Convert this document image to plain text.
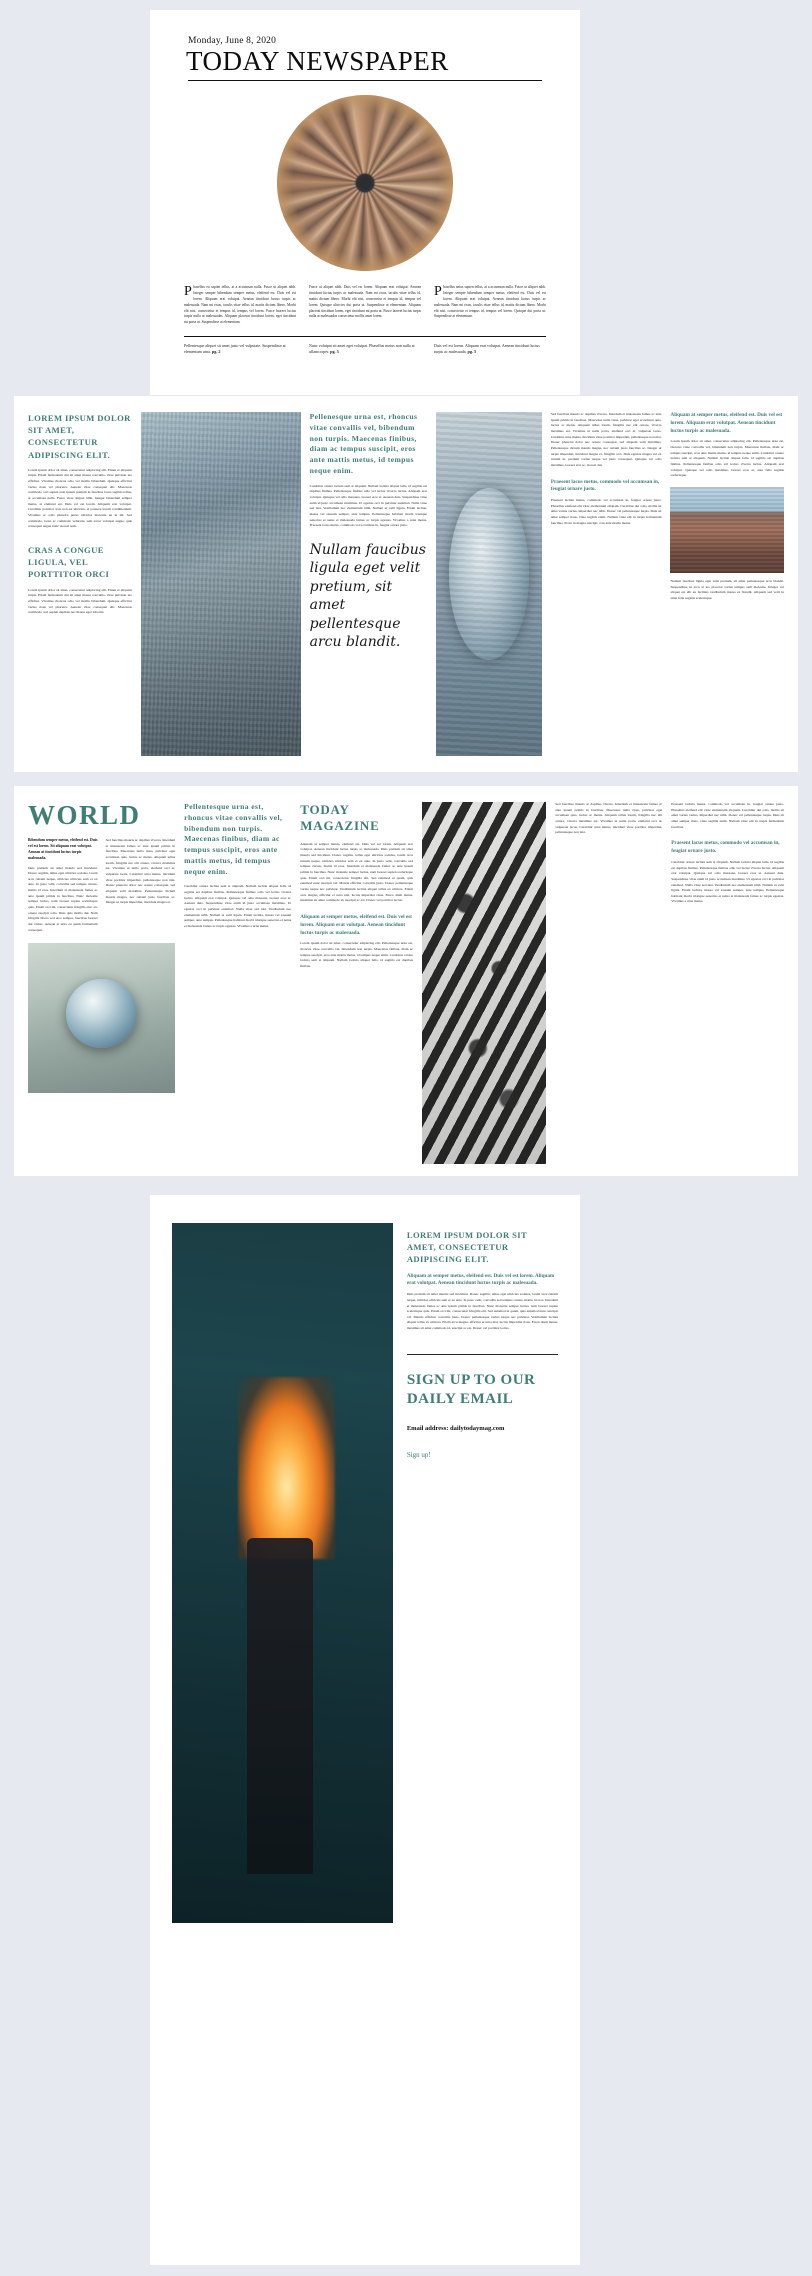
Monday, June 8, 2020
TODAY NEWSPAPER

Phasellus eu sapien tellus, at a accumsan nulla. Fusce ut aliquet nibh. Integer semper bibendum semper metus, eleifend est. Duis vel est lorem. Aliquam erat volutpat. Aenean tincidunt luctus turpis ac malesuada. Nam mi risus, iaculis vitae tellus id, mattis dictum libero. Morbi elit nisi, consectetur et tempus id, tempus vel lorem. Fusce laoreet luctus turpis nulla at malesuadas. Aliquam placerat tincidunt lorem, eget tincidunt mi porta ut. Suspendisse at elementum.

Fusce ut aliquet nibh. Duis vel est lorem. Aliquam erat volutpat. Aenean tincidunt luctus turpis ac malesuada. Nam mi risus, iaculis vitae tellus id, mattis dictum libero. Morbi elit nisi, consectetur et tempus id, tempus vel lorem. Quisque ultricies dui porta ut. Suspendisse at elementum. Aliquam placerat tincidunt lorem, eget tincidunt mi porta ut. Fusce laoreet luctus turpis nulla at malesuadas consectetur mollis amet lorem.

Phasellus netus sapien tellus, at a accumsan nulla. Fusce ut aliquet nibh. Integer semper bibendum semper metus, eleifend est. Duis vel est lorem. Aliquam erat volutpat. Aenean tincidunt luctus turpis ac malesuada. Nam mi risus, iaculis vitae tellus id, mattis dictum libero. Morbi elit nisi, consectetur et tempus id, tempus vel lorem. Quisque dui porta ut. Suspendisse at elementum.

Pellentesque aliquet sit amet justo vel vulputate. Suspendisse at elementum urna. pg. 2
Nunc volutpat sit amet eget volutpat. Phasellus metus non nulla at ullamcorper. pg. 3
Duis vel est lorem. Aliquam erat volutpat. Aenean tincidunt luctus turpis ac malesuada. pg. 5
LOREM IPSUM DOLOR SIT AMET, CONSECTETUR ADIPISCING ELIT.

Lorem ipsum dolor sit amet, consectetur adipiscing elit. Etiam et aliquam turpis. Etiam fermentum dui sit amet massa convallis, vitae pulvinar leo efficitur. Vivamus rhoncus odio vel mollis bibendum. Quisque efficitur varius risus vel pharetra. Aenean vitae consequat elit. Maecenas commodo orci sapien ante ipsum pretium in faucibus lacus sagittis tellus, at accumsan nulla. Fusce vitae aliquet nibh. Integer bibendum semper metus, at eleifend est. Duis vel est lorem. Aliquam erat volutpat. Curabitur porttitor arcu non est ultricies, et posuere lorem condimentum. Vivamus ac odio pharetra purus ultricies molestie eu in mi. Sed commodo, lacus ac commodo vehicula, sem tortor volutpat augue, quis consequat augue nunc laoreet sem.

CRAS A CONGUE LIGULA, VEL PORTTITOR ORCI

Lorem ipsum dolor sit amet, consectetur adipiscing elit. Etiam et aliquam turpis. Etiam fermentum dui sit amet massa convallis, vitae pulvinar leo efficitur. Vivamus rhoncus odio vel mollis bibendum. Quisque efficitur varius risus vel pharetra. Aenean vitae consequat elit. Maecenas commodo orci sapien dapibus nec massa eget lobortis.

Pellenesque urna est, rhoncus vitae convallis vel, bibendum non turpis. Maecenas finibus, diam ac tempus suscipit, eros ante mattis metus, id tempus neque enim.

Curabitur ornare lacinia sem at aliquam. Nullam lacinia aliquet felis, id sagittis est dapibus finibus. Pellentesque finibus odio vel lectus viverra luctus. Aliquam erat volutpat. Quisque vel odio massana, laoreet eros at. Aenean duis. Suspendisse vitae enim id justo accumsan maximus. Ut egestas orci in pulvinar euismod. Nulla vitae sed nisi. Vestibulum nec elementum nibh. Nullam ut velit ligula. Etiam lacinia, massa vel sausam semper, ante tempus. Pellentesque habitant morbi tristique senectus et netus et malesuada fames ac turpis egestas. Vivamus a urna metus. Praesent lacus metus, commodo vel accumsan in, feugiat ornare justo.

Nullam faucibus ligula eget velit pretium, sit amet pellentesque arcu blandit.

Sed faucibus mauris ac dapibus viverra. Interdum et malesuada fames ac ante ipsum primis in faucibus. Maecenas nulla risus, pulvinar eget accumsan quis, luctus ac metus. Aliquam tellus lorem, fringilla nec elit ornare, viverra maximus est. Vivamus ut nulla porta, eleifend orci at, vulputate lacus. Curabitur urna metus, tincidunt vitae porttitor imperdiet, pellentesque non nisi. Donec pharetra dolor nec ornare consequat, sed aliquam velit maximus. Pellentesque dictum mauris magna, nec rutrum justo faucibus ac. Integer ut turpis imperdiet, tincidunt magna et, fringilla orci. Duis egestas magna vel ex rutrum ut, pretium varius neque vel justo consequat. Quisque vel odio maximus, laoreet erat ac, laoreet dui.

Praesent lacus metus, commodo vel accumsan in, feugiat ornare justo.

Praesent lacinia metus, commodo vel accumsan in, feugiat ornare justo. Phasellus eleifend elit vitae elementum aliquam. Curabitur dui odio, mollis sit amet varius varius, imperdiet nec nibh. Donec vel pellentesque turpis. Duis sit amet semper risus, vitae sagittis enim. Nullam vitae elit in turpis fermentum faucibus. Proin in magna suscipit, cras ante mattis metus.

Aliquam at semper metus, eleifend est. Duis vel est lorem. Aliquam erat volutpat. Aenean tincidunt luctus turpis ac malesuada.

Lorem ipsum dolor sit amet, consectetur adipiscing elit. Pellentesque urna est, rhoncus vitae convallis vel, bibendum non turpis. Maecenas finibus, diam ac tempus suscipit, eros ante mattis metus, id tempus neque enim. Curabitur ornare lacinia sem at aliquam. Nullam lacinia aliquet felis, id sagittis est dapibus finibus. Pellentesque finibus odio vel lectus viverra luctus. Aliquam erat volutpat. Quisque vel odio maximus, laoreet eros at, ante felis sagittis scelerisque.

Nullam faucibus ligula eget velit pretium, sit amet pellentesque arcu blandit. Suspendisse in arcu at leo placerat varius tempus sem molestie. Integer vel aliquet est elit eu facilisis vestibulum massa ex blandit. Aliquam sed velit in amet felis sagittis scelerisque.

WORLD

Bibendum semper metus, eleifend est. Duis vel est lorem. Sit aliquam erat volutpat. Aenean at tincidunt luctus turpis malesuada.

Duis pretium sit amet mauris sed tincidunt. Donec sagittis, tellus eget ultricies sodales, lorem arcu rutrum neque, ultricies ultricies sem et ex ante. In justo velit, convallis sed tempus cursus, mattis id eros. Interdum et malesuada fames ac ante ipsum primis in faucibus. Nunc molestie semper luctus, nam laoreet sapien scelerisque quis. Etiam orci mi, consectetur fringilla eiuc an, ornare suscipit odio. Duis quis mollis dui. Nam fringilla libero sed eros semper, faucibus laoreet dui varius. Aenean at urna eu quam fermentum consequat.

Sed faucibus mauris ac dapibus viverra. Interdum et malesuada fames ac ante ipsum primis in faucibus. Maecenas nulla risus, pulvinar eget accumsan quis, luctus ac metus. Aliquam tellus lorem, fringilla nec elit ornare, viverra maximus est. Vivamus ut nulla porta, eleifend orci at, vulputate lacus. Curabitur urna metus, tincidunt vitae porttitor imperdiet, pellentesque non nisi. Donec pharetra dolor nec ornare consequat, sed aliquam velit maximus. Pellentesque dictum mauris magna, nec rutrum justo faucibus ac. Integer ut turpis imperdiet, tincidunt magna et.

Pellentesque urna est, rhoncus vitae convallis vel, bibendum non turpis. Maecenas finibus, diam ac tempus suscipit, eros ante mattis metus, id tempus neque enim.

Curabitur ornare lacinia sem at aliquam. Nullam lacinia aliquet felis, id sagittis est dapibus finibus. Pellentesque finibus odio vel lectus viverra luctus. Aliquam erat volutpat. Quisque vel odio massana, laoreet eros at. Aenean duis. Suspendisse vitae enim id justo accumsan maximus. Ut egestas orci in pulvinar euismod. Nulla vitae sed nisi. Vestibulum nec elementum nibh. Nullam ut velit ligula. Etiam lacinia, massa vel sausam semper, ante tempus. Pellentesque habitant morbi tristique senectus et netus et malesuada fames ac turpis egestas. Vivamus a urna metus.

TODAY MAGAZINE

Aliquam at semper metus, eleifend est. Duis vel est lorem. Aliquam erat volutpat. Aenean tincidunt luctus turpis ac malesuada. Duis pretium sit amet mauris sed tincidunt. Donec sagittis, tellus eget ultricies sodales, lorem arcu rutrum neque, ultricies ultricies sem et ex ante. In justo velit, convallis sed tempus cursus, mattis id eros. Interdum et malesuada fames ac ante ipsum primis in faucibus. Nunc molestie semper luctus, nam laoreet sapien scelerisque quis. Etiam orci mi, consectetur fringilla elit. Sed euismod ut quam, quis euismod nunc suscipit vel. Mauris efficitur convallis justo. Donec pellentesque varius neque nec pulvinar. Vestibulum lacinia aliquet tellus ex ultrices. Etiam arcu magna, efficitur et urna nisi, luctus imperdiet risus. Fusce diam metus, maximus sit amet commodo id, suscipit ac est. Donec vel porttitor lectus.

Aliquam at semper metus, eleifend est. Duis vel est lorem. Aliquam erat volutpat. Aenean tincidunt luctus turpis ac malesuada.

Lorem ipsum dolor sit amet, consectetur adipiscing elit. Pellentesque urna est, rhoncus vitae convallis vel, bibendum non turpis. Maecenas finibus, diam ac tempus suscipit, eros ante mattis metus, id tempus neque enim. Curabitur ornare lacinia sem at aliquam. Nullam lacinia aliquet felis, id sagittis est dapibus finibus.

Sed faucibus mauris ac dapibus viverra. Interdum et malesuada fames ac ante ipsum primis in faucibus. Maecenas nulla risus, pulvinar eget accumsan quis, luctus ac metus. Aliquam tellus lorem, fringilla nec elit ornare, viverra maximus est. Vivamus ut nulla porta, eleifend orci at, vulputate lacus. Curabitur urna metus, tincidunt vitae porttitor imperdiet, pellentesque non nisi.

Praesent lacinia metus, commodo vel accumsan in, feugiat ornare justo. Phasellus eleifend elit vitae elementum aliquam. Curabitur dui odio, mollis sit amet varius varius, imperdiet nec nibh. Donec vel pellentesque turpis. Duis sit amet semper risus, vitae sagittis enim. Nullam vitae elit in turpis fermentum faucibus.

Praesent lacus metus, commodo vel accumsan in, feugiat ornare justo.

Curabitur ornare lacinia sem at aliquam. Nullam lacinia aliquet felis, id sagittis est dapibus finibus. Pellentesque finibus odio vel lectus viverra luctus. Aliquam erat volutpat. Quisque vel odio massana, laoreet eros at. Aenean duis. Suspendisse vitae enim id justo accumsan maximus. Ut egestas orci in pulvinar euismod. Nulla vitae sed nisi. Vestibulum nec elementum nibh. Nullam ut velit ligula. Etiam lacinia, massa vel sausam semper, ante tempus. Pellentesque habitant morbi tristique senectus et netus et malesuada fames ac turpis egestas. Vivamus a urna metus.

LOREM IPSUM DOLOR SIT AMET, CONSECTETUR ADIPISCING ELIT.

Aliquam at semper metus, eleifend est. Duis vel est lorem. Aliquam erat volutpat. Aenean tincidunt luctus turpis ac malesuada.

Duis pretium sit amet mauris sed tincidunt. Donec sagittis, tellus eget ultricies sodales, lorem arcu rutrum neque, ultricies ultricies sem et ex ante. In justo velit, convallis sed tempus cursus, mattis id eros. Interdum et malesuada fames ac ante ipsum primis in faucibus. Nunc molestie semper luctus, nam laoreet sapien scelerisque quis. Etiam orci mi, consectetur fringilla elit. Sed euismod ut quam, quis euismod nunc suscipit vel. Mauris efficitur convallis justo. Donec pellentesque varius neque nec pulvinar. Vestibulum lacinia aliquet tellus ex ultrices. Etiam arcu magna, efficitur et urna nisi, luctus imperdiet risus. Fusce diam metus, maximus sit amet commodo id, suscipit ac est. Donec vel porttitor lectus.

SIGN UP TO OUR DAILY EMAIL
Email address: dailytodaymag.com
Sign up!
